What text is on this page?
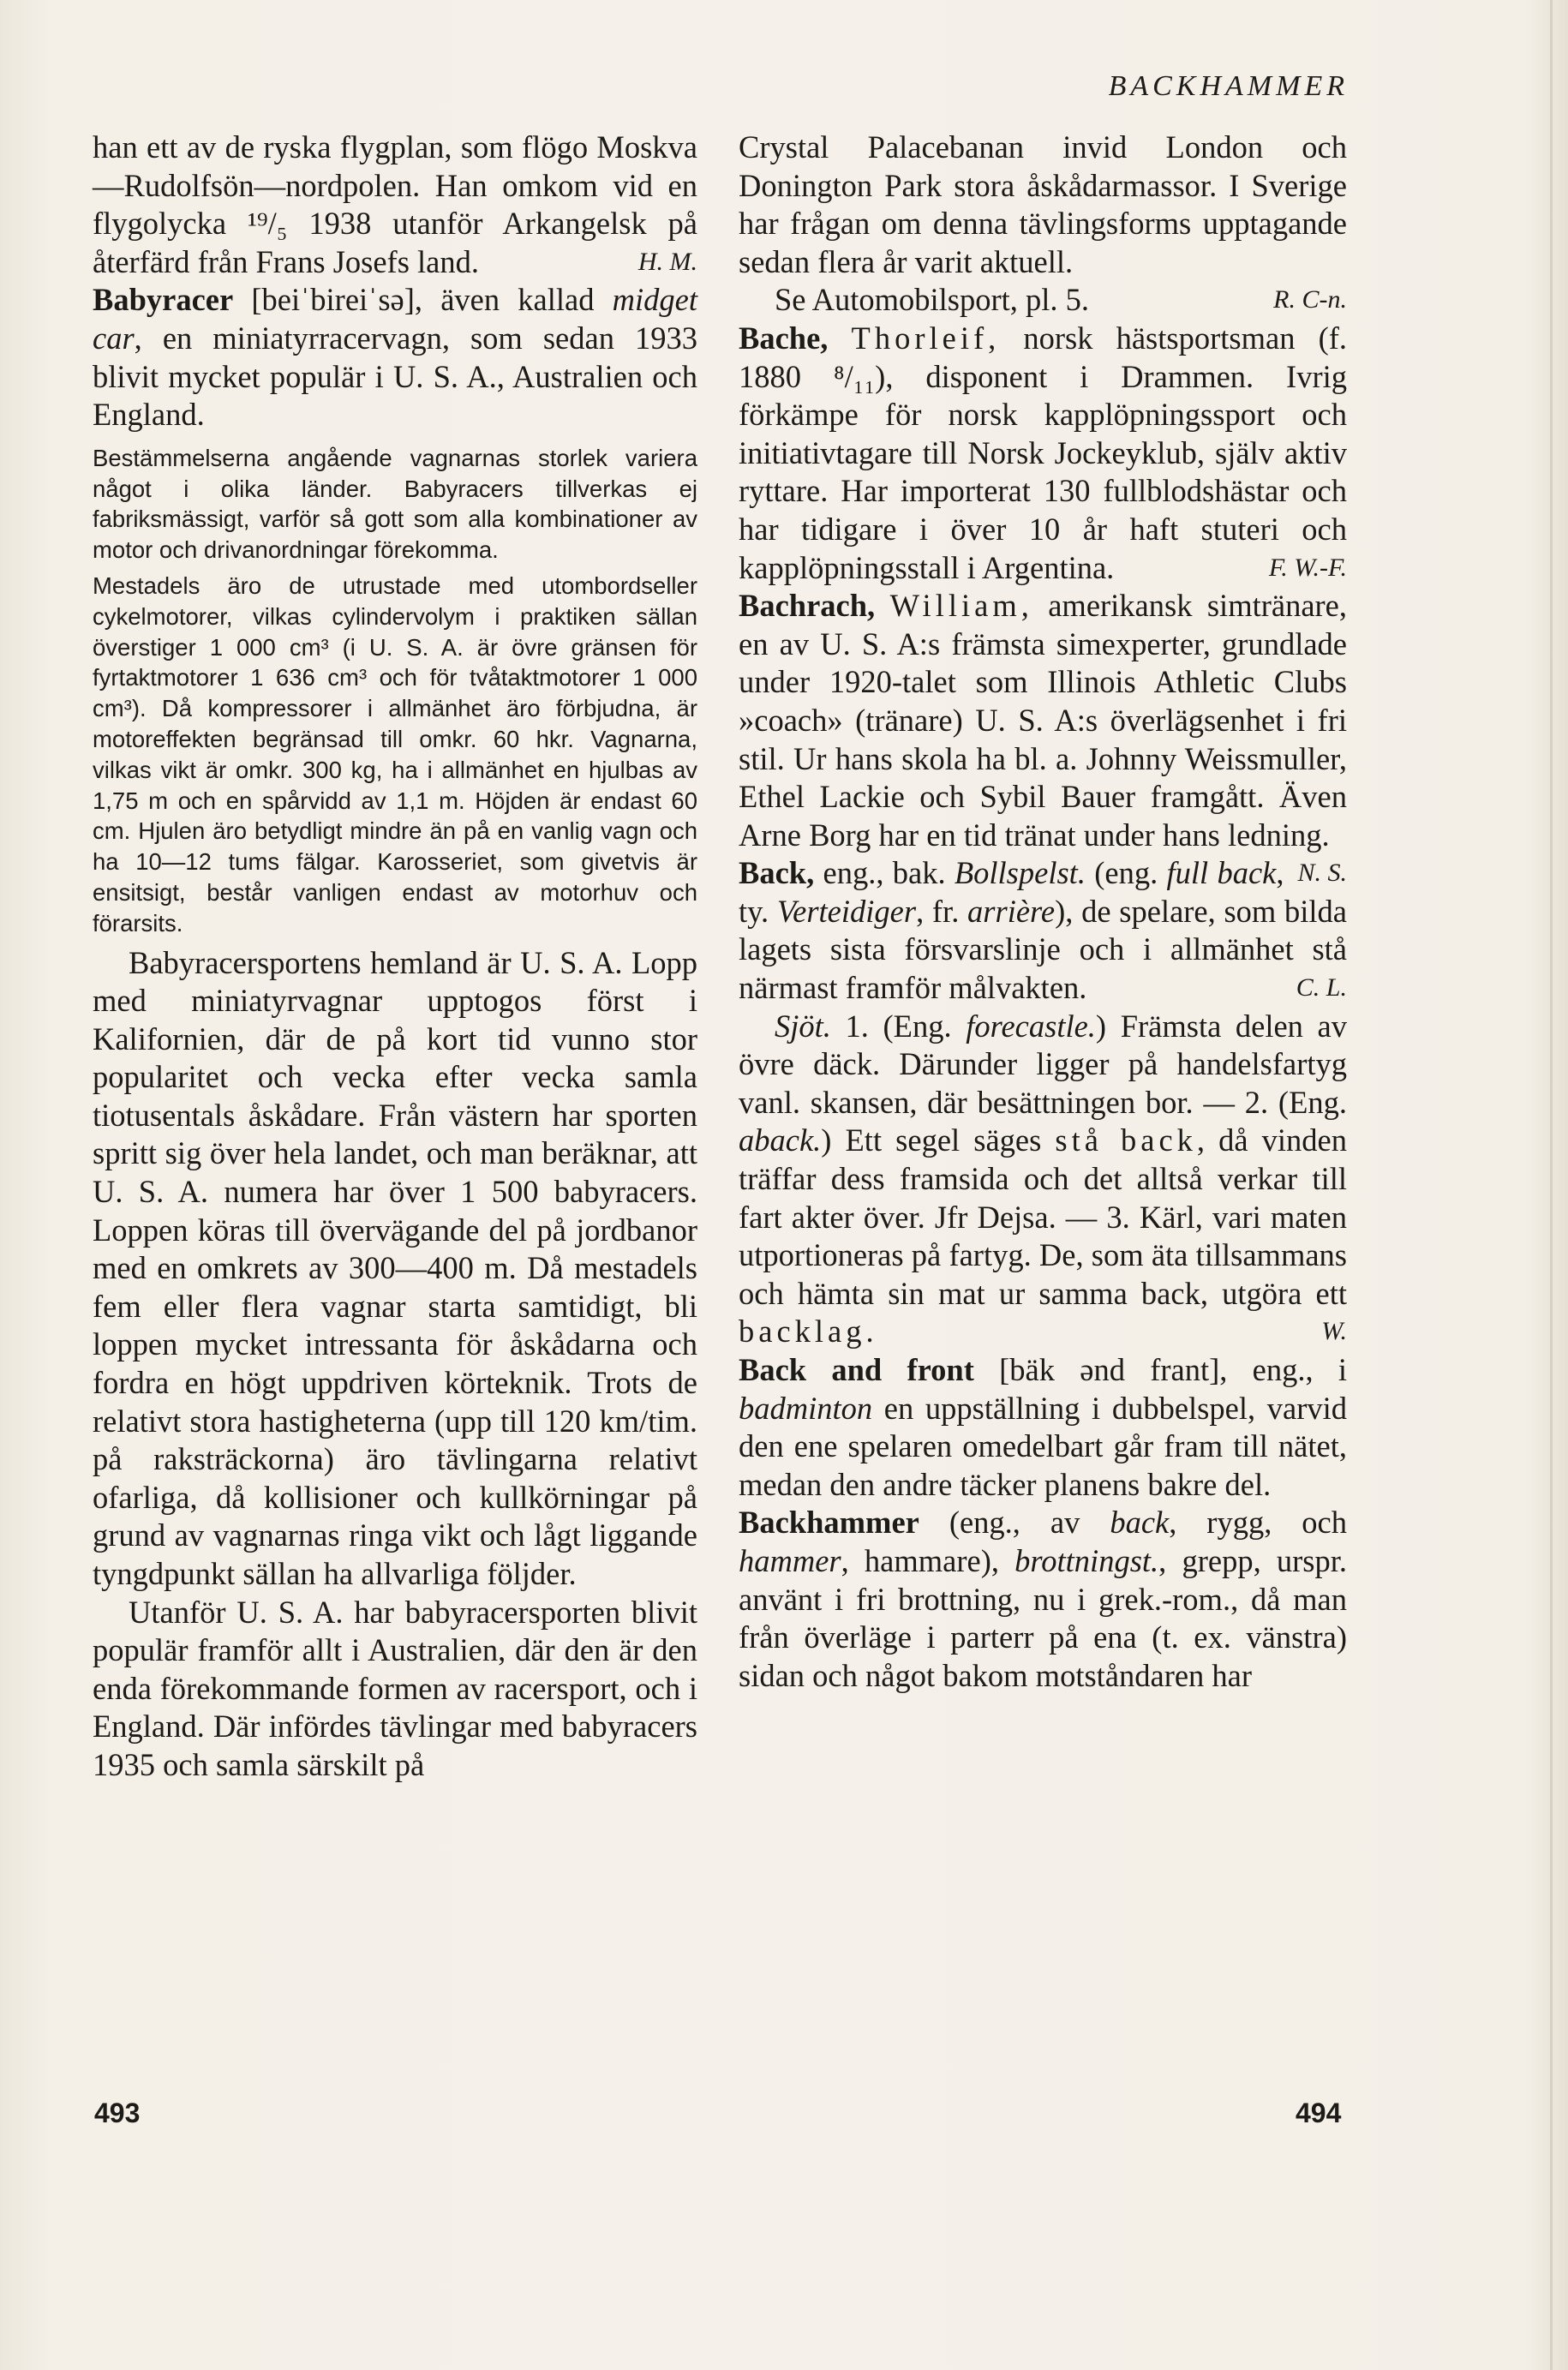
BACKHAMMER

han ett av de ryska flygplan, som flögo Moskva—Rudolfsön—nordpolen. Han omkom vid en flygolycka ¹⁹/₅ 1938 utanför Arkangelsk på återfärd från Frans Josefs land.	H. M.

Babyracer [beiˈbireiˈsə], även kallad midget car, en miniatyrracervagn, som sedan 1933 blivit mycket populär i U. S. A., Australien och England.

Bestämmelserna angående vagnarnas storlek variera något i olika länder. Babyracers tillverkas ej fabriksmässigt, varför så gott som alla kombinationer av motor och drivanordningar förekomma.

Mestadels äro de utrustade med utombordseller cykelmotorer, vilkas cylindervolym i praktiken sällan överstiger 1 000 cm³ (i U. S. A. är övre gränsen för fyrtaktmotorer 1 636 cm³ och för tvåtaktmotorer 1 000 cm³). Då kompressorer i allmänhet äro förbjudna, är motoreffekten begränsad till omkr. 60 hkr. Vagnarna, vilkas vikt är omkr. 300 kg, ha i allmänhet en hjulbas av 1,75 m och en spårvidd av 1,1 m. Höjden är endast 60 cm. Hjulen äro betydligt mindre än på en vanlig vagn och ha 10—12 tums fälgar. Karosseriet, som givetvis är ensitsigt, består vanligen endast av motorhuv och förarsits.

Babyracersportens hemland är U. S. A. Lopp med miniatyrvagnar upptogos först i Kalifornien, där de på kort tid vunno stor popularitet och vecka efter vecka samla tiotusentals åskådare. Från västern har sporten spritt sig över hela landet, och man beräknar, att U. S. A. numera har över 1 500 babyracers. Loppen köras till övervägande del på jordbanor med en omkrets av 300—400 m. Då mestadels fem eller flera vagnar starta samtidigt, bli loppen mycket intressanta för åskådarna och fordra en högt uppdriven körteknik. Trots de relativt stora hastigheterna (upp till 120 km/tim. på raksträckorna) äro tävlingarna relativt ofarliga, då kollisioner och kullkörningar på grund av vagnarnas ringa vikt och lågt liggande tyngdpunkt sällan ha allvarliga följder.

Utanför U. S. A. har babyracersporten blivit populär framför allt i Australien, där den är den enda förekommande formen av racersport, och i England. Där infördes tävlingar med babyracers 1935 och samla särskilt på

Crystal Palacebanan invid London och Donington Park stora åskådarmassor. I Sverige har frågan om denna tävlingsforms upptagande sedan flera år varit aktuell.

Se Automobilsport, pl. 5.	R. C-n.

Bache, Thorleif, norsk hästsportsman (f. 1880 ⁸/₁₁), disponent i Drammen. Ivrig förkämpe för norsk kapplöpningssport och initiativtagare till Norsk Jockeyklub, själv aktiv ryttare. Har importerat 130 fullblodshästar och har tidigare i över 10 år haft stuteri och kapplöpningsstall i Argentina.	F. W.-F.

Bachrach, William, amerikansk simtränare, en av U. S. A:s främsta simexperter, grundlade under 1920-talet som Illinois Athletic Clubs »coach» (tränare) U. S. A:s överlägsenhet i fri stil. Ur hans skola ha bl. a. Johnny Weissmuller, Ethel Lackie och Sybil Bauer framgått. Även Arne Borg har en tid tränat under hans ledning.
N. S.

Back, eng., bak. Bollspelst. (eng. full back, ty. Verteidiger, fr. arrière), de spelare, som bilda lagets sista försvarslinje och i allmänhet stå närmast framför målvakten.	C. L.

Sjöt. 1. (Eng. forecastle.) Främsta delen av övre däck. Därunder ligger på handelsfartyg vanl. skansen, där besättningen bor. — 2. (Eng. aback.) Ett segel säges stå back, då vinden träffar dess framsida och det alltså verkar till fart akter över. Jfr Dejsa. — 3. Kärl, vari maten utportioneras på fartyg. De, som äta tillsammans och hämta sin mat ur samma back, utgöra ett backlag.	W.

Back and front [bäk ənd frant], eng., i badminton en uppställning i dubbelspel, varvid den ene spelaren omedelbart går fram till nätet, medan den andre täcker planens bakre del.

Backhammer (eng., av back, rygg, och hammer, hammare), brottningst., grepp, urspr. använt i fri brottning, nu i grek.-rom., då man från överläge i parterr på ena (t. ex. vänstra) sidan och något bakom motståndaren har

493	494
